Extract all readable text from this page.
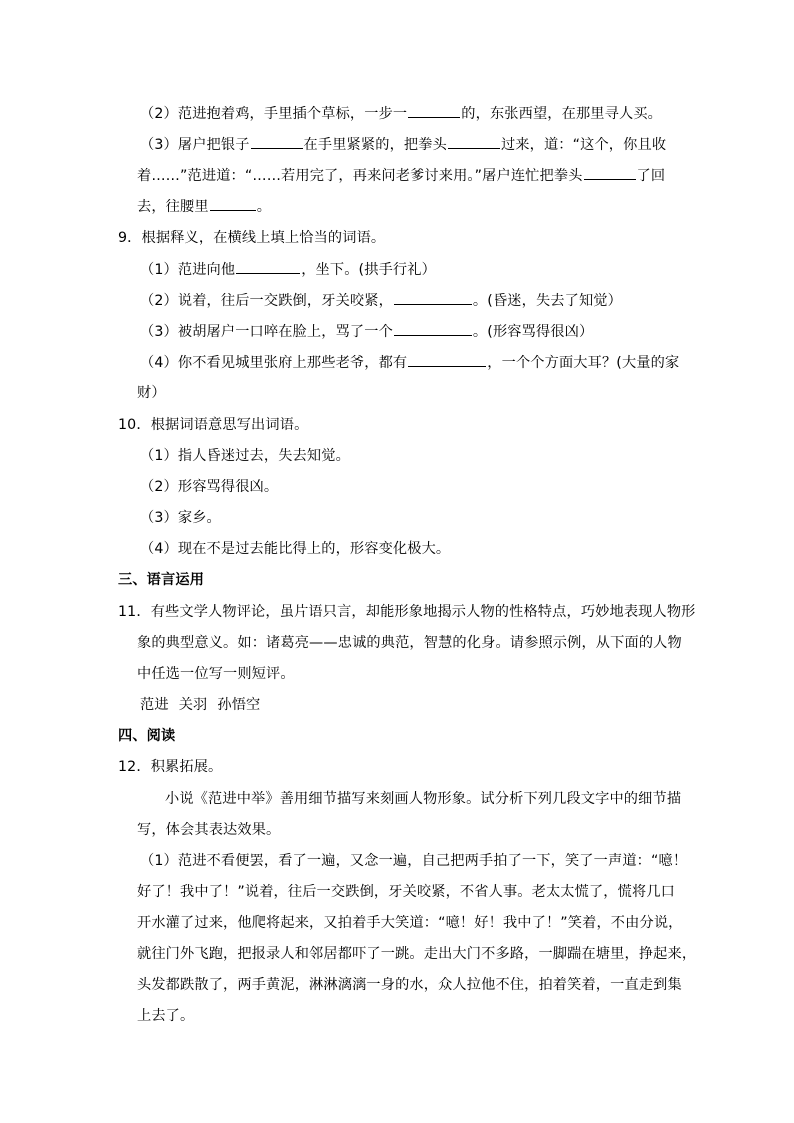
（2）范进抱着鸡，手里插个草标，一步一	的，东张西望，在那里寻人买。
（3）屠户把银子	在手里紧紧的，把拳头	过来，道：“这个，你且收
着……”范进道：“……若用完了，再来问老爹讨来用。”屠户连忙把拳头	了回
去，往腰里	。
9．根据释义，在横线上填上恰当的词语。
（1）范进向他	，坐下。(拱手行礼）
（2）说着，往后一交跌倒，牙关咬紧，	。(昏迷，失去了知觉）
（3）被胡屠户一口啐在脸上，骂了一个	。(形容骂得很凶）
（4）你不看见城里张府上那些老爷，都有	，一个个方面大耳？(大量的家
财）
10．根据词语意思写出词语。
（1）指人昏迷过去，失去知觉。
（2）形容骂得很凶。
（3）家乡。
（4）现在不是过去能比得上的，形容变化极大。
三、语言运用
11．有些文学人物评论，虽片语只言，却能形象地揭示人物的性格特点，巧妙地表现人物形
象的典型意义。如：诸葛亮——忠诚的典范，智慧的化身。请参照示例，从下面的人物
中任选一位写一则短评。
范进 关羽 孙悟空
四、阅读
12．积累拓展。
小说《范进中举》善用细节描写来刻画人物形象。试分析下列几段文字中的细节描
写，体会其表达效果。
（1）范进不看便罢，看了一遍，又念一遍，自己把两手拍了一下，笑了一声道：“噫！
好了！我中了！”说着，往后一交跌倒，牙关咬紧，不省人事。老太太慌了，慌将几口
开水灌了过来，他爬将起来，又拍着手大笑道：“噫！好！我中了！”笑着，不由分说，
就往门外飞跑，把报录人和邻居都吓了一跳。走出大门不多路，一脚踹在塘里，挣起来，
头发都跌散了，两手黄泥，淋淋漓漓一身的水，众人拉他不住，拍着笑着，一直走到集
上去了。
